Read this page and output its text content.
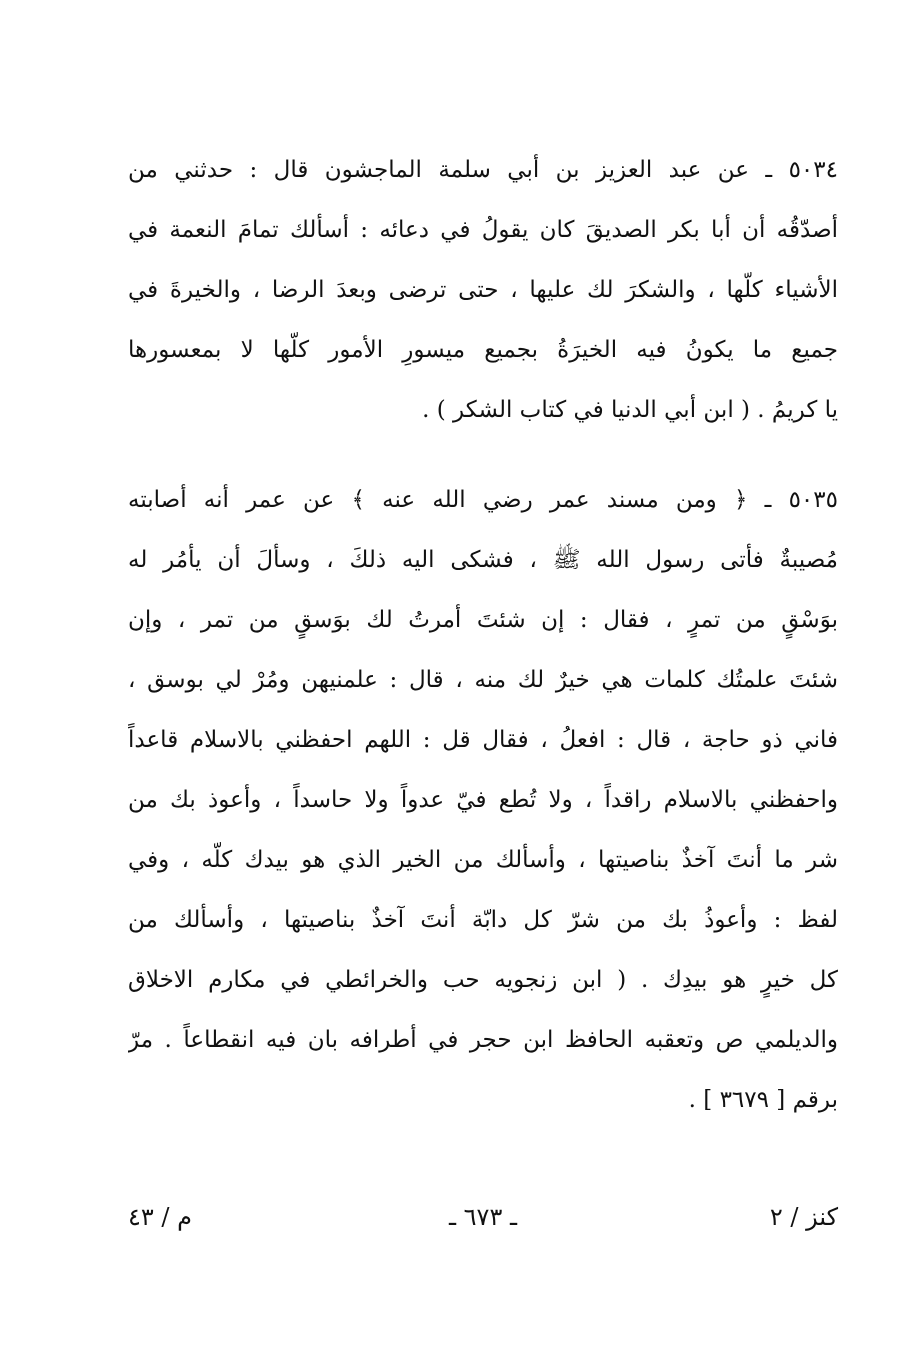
٥٠٣٤ ـ عن عبد العزيز بن أبي سلمة الماجشون قال : حدثني من
أصدّقُه أن أبا بكر الصديقَ كان يقولُ في دعائه : أسألك تمامَ النعمة في
الأشياء كلّها ، والشكرَ لك عليها ، حتى ترضى وبعدَ الرضا ، والخيرةَ في
جميع ما يكونُ فيه الخيرَةُ بجميع ميسورِ الأمور كلّها لا بمعسورها
يا كريمُ . ( ابن أبي الدنيا في كتاب الشكر ) .
٥٠٣٥ ـ ﴿ ومن مسند عمر رضي الله عنه ﴾ عن عمر أنه أصابته
مُصيبةٌ فأتى رسول الله ﷺ ، فشكى اليه ذلكَ ، وسألَ أن يأمُر له
بوَسْقٍ من تمرٍ ، فقال : إن شئتَ أمرتُ لك بوَسقٍ من تمر ، وإن
شئتَ علمتُك كلمات هي خيرٌ لك منه ، قال : علمنيهن ومُرْ لي بوسق ،
فاني ذو حاجة ، قال : افعلُ ، فقال قل : اللهم احفظني بالاسلام قاعداً
واحفظني بالاسلام راقداً ، ولا تُطع فيّ عدواً ولا حاسداً ، وأعوذ بك من
شر ما أنتَ آخذٌ بناصيتها ، وأسألك من الخير الذي هو بيدك كلّه ، وفي
لفظ : وأعوذُ بك من شرّ كل دابّة أنتَ آخذٌ بناصيتها ، وأسألك من
كل خيرٍ هو بيدِك . ( ابن زنجويه حب والخرائطي في مكارم الاخلاق
والديلمي ص وتعقبه الحافظ ابن حجر في أطرافه بان فيه انقطاعاً . مرّ
برقم [ ٣٦٧٩ ] .
كنز / ٢
ـ ٦٧٣ ـ
م / ٤٣
